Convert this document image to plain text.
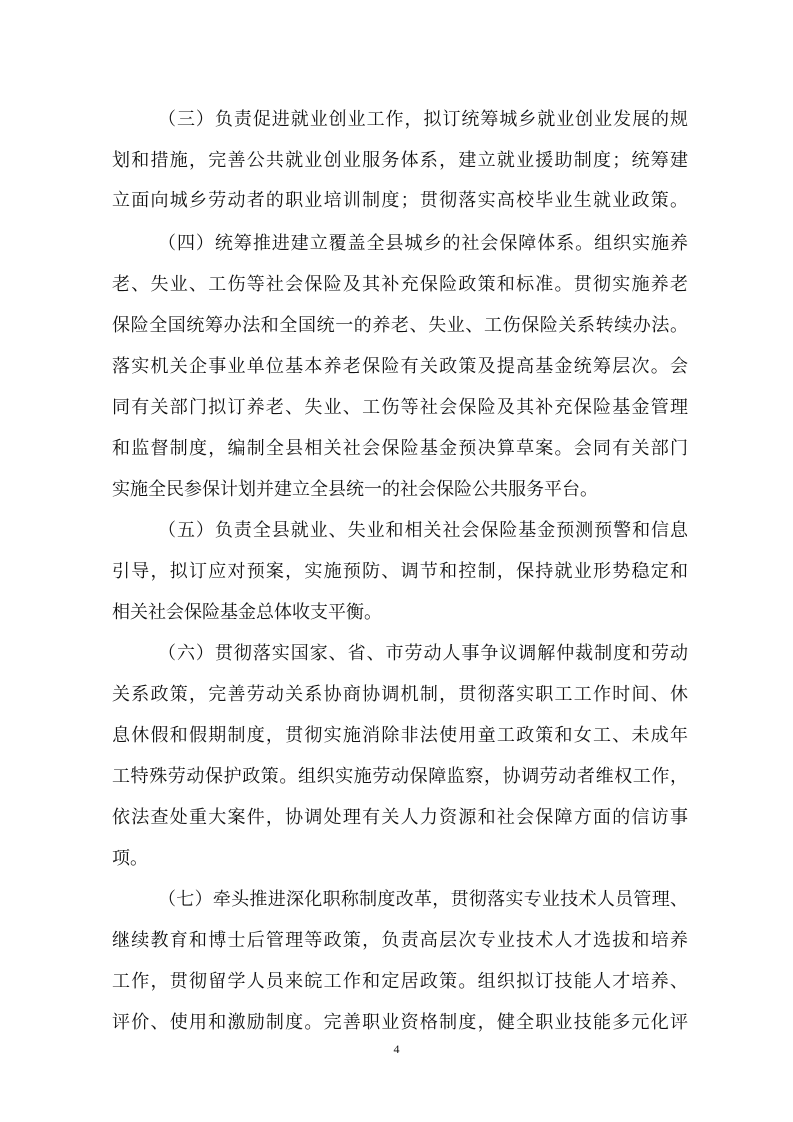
（三）负责促进就业创业工作，拟订统筹城乡就业创业发展的规
划和措施，完善公共就业创业服务体系，建立就业援助制度；统筹建
立面向城乡劳动者的职业培训制度；贯彻落实高校毕业生就业政策。
（四）统筹推进建立覆盖全县城乡的社会保障体系。组织实施养
老、失业、工伤等社会保险及其补充保险政策和标准。贯彻实施养老
保险全国统筹办法和全国统一的养老、失业、工伤保险关系转续办法。
落实机关企事业单位基本养老保险有关政策及提高基金统筹层次。会
同有关部门拟订养老、失业、工伤等社会保险及其补充保险基金管理
和监督制度，编制全县相关社会保险基金预决算草案。会同有关部门
实施全民参保计划并建立全县统一的社会保险公共服务平台。
（五）负责全县就业、失业和相关社会保险基金预测预警和信息
引导，拟订应对预案，实施预防、调节和控制，保持就业形势稳定和
相关社会保险基金总体收支平衡。
（六）贯彻落实国家、省、市劳动人事争议调解仲裁制度和劳动
关系政策，完善劳动关系协商协调机制，贯彻落实职工工作时间、休
息休假和假期制度，贯彻实施消除非法使用童工政策和女工、未成年
工特殊劳动保护政策。组织实施劳动保障监察，协调劳动者维权工作，
依法查处重大案件，协调处理有关人力资源和社会保障方面的信访事
项。
（七）牵头推进深化职称制度改革，贯彻落实专业技术人员管理、
继续教育和博士后管理等政策，负责高层次专业技术人才选拔和培养
工作，贯彻留学人员来皖工作和定居政策。组织拟订技能人才培养、
评价、使用和激励制度。完善职业资格制度，健全职业技能多元化评
4
